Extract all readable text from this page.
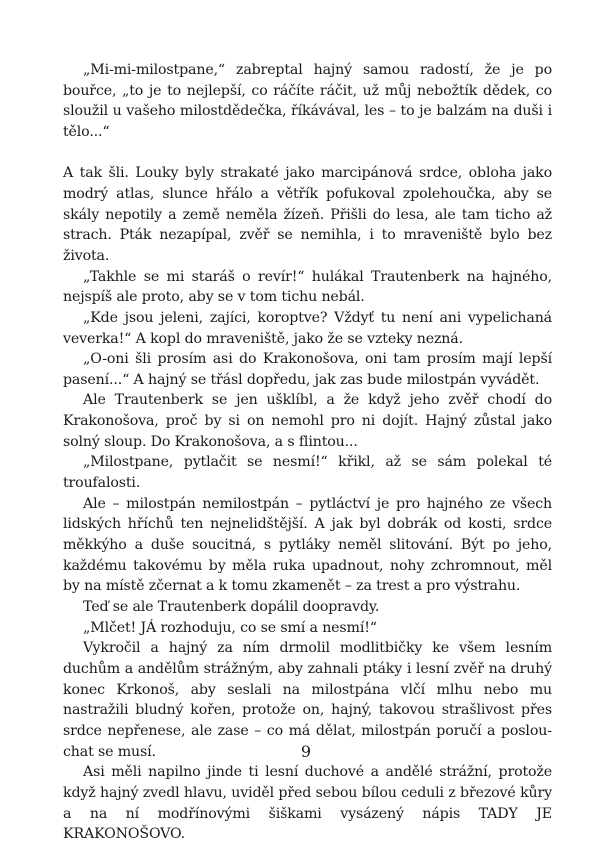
„Mi-mi-milostpane,“ zabreptal hajný samou radostí, že je po bouřce, „to je to nejlepší, co ráčíte ráčit, už můj nebožtík dědek, co sloužil u vašeho milostdědečka, říkávával, les – to je balzám na duši i tělo...“

A tak šli. Louky byly strakaté jako marcipánová srdce, obloha jako modrý atlas, slunce hřálo a větřík pofukoval zpolehoučka, aby se skály nepotily a země neměla žízeň. Přišli do lesa, ale tam ticho až strach. Pták nezapípal, zvěř se nemihla, i to mraveniště bylo bez života.

„Takhle se mi staráš o revír!“ hulákal Trautenberk na hajného, nejspíš ale proto, aby se v tom tichu nebál.

„Kde jsou jeleni, zajíci, koroptve? Vždyť tu není ani vypelichaná veverka!“ A kopl do mraveniště, jako že se vzteky nezná.

„O-oni šli prosím asi do Krakonošova, oni tam prosím mají lepší pasení...“ A hajný se třásl dopředu, jak zas bude milostpán vyvádět.

Ale Trautenberk se jen ušklíbl, a že když jeho zvěř chodí do Krakonošova, proč by si on nemohl pro ni dojít. Hajný zůstal jako solný sloup. Do Krakonošova, a s flintou...

„Milostpane, pytlačit se nesmí!“ křikl, až se sám polekal té troufalosti.

Ale – milostpán nemilostpán – pytláctví je pro hajného ze všech lidských hříchů ten nejnelidštější. A jak byl dobrák od kosti, srdce měkkýho a duše soucitná, s pytláky neměl slitování. Být po jeho, každému takovému by měla ruka upadnout, nohy zchromnout, měl by na místě zčernat a k tomu zkamenět – za trest a pro výstrahu.

Teď se ale Trautenberk dopálil doopravdy.

„Mlčet! JÁ rozhoduju, co se smí a nesmí!“

Vykročil a hajný za ním drmolil modlitbičky ke všem lesním duchům a andělům strážným, aby zahnali ptáky i lesní zvěř na druhý konec Krkonoš, aby seslali na milostpána vlčí mlhu nebo mu nastražili bludný kořen, protože on, hajný, takovou strašlivost přes srdce nepřenese, ale zase – co má dělat, milostpán poručí a poslouchat se musí.

Asi měli napilno jinde ti lesní duchové a andělé strážní, protože když hajný zvedl hlavu, uviděl před sebou bílou ceduli z březové kůry a na ní modřínovými šiškami vysázený nápis TADY JE KRAKONOŠOVO.

9
